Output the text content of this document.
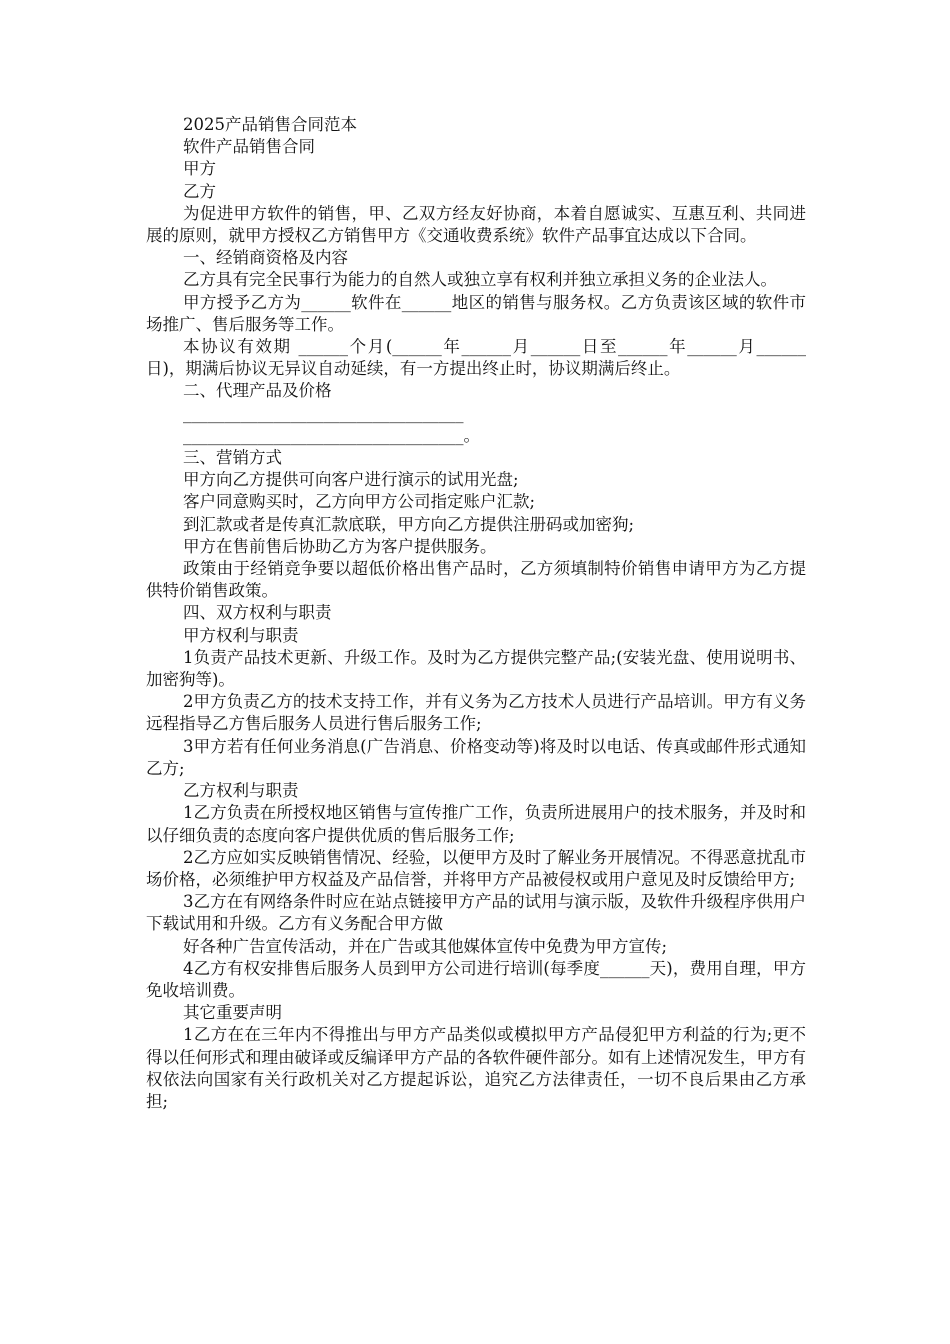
2025产品销售合同范本

软件产品销售合同

甲方

乙方

为促进甲方软件的销售，甲、乙双方经友好协商，本着自愿诚实、互惠互利、共同进展的原则，就甲方授权乙方销售甲方《交通收费系统》软件产品事宜达成以下合同。

一、经销商资格及内容

乙方具有完全民事行为能力的自然人或独立享有权利并独立承担义务的企业法人。

甲方授予乙方为______软件在______地区的销售与服务权。乙方负责该区域的软件市场推广、售后服务等工作。

本协议有效期 ______个月(______年______月______日至______年______月______日)，期满后协议无异议自动延续，有一方提出终止时，协议期满后终止。

二、代理产品及价格

__________________________________

__________________________________。

三、营销方式

甲方向乙方提供可向客户进行演示的试用光盘;

客户同意购买时，乙方向甲方公司指定账户汇款;

到汇款或者是传真汇款底联，甲方向乙方提供注册码或加密狗;

甲方在售前售后协助乙方为客户提供服务。

政策由于经销竞争要以超低价格出售产品时，乙方须填制特价销售申请甲方为乙方提供特价销售政策。

四、双方权利与职责

甲方权利与职责

1负责产品技术更新、升级工作。及时为乙方提供完整产品;(安装光盘、使用说明书、加密狗等)。

2甲方负责乙方的技术支持工作，并有义务为乙方技术人员进行产品培训。甲方有义务远程指导乙方售后服务人员进行售后服务工作;

3甲方若有任何业务消息(广告消息、价格变动等)将及时以电话、传真或邮件形式通知乙方;

乙方权利与职责

1乙方负责在所授权地区销售与宣传推广工作，负责所进展用户的技术服务，并及时和以仔细负责的态度向客户提供优质的售后服务工作;

2乙方应如实反映销售情况、经验，以便甲方及时了解业务开展情况。不得恶意扰乱市场价格，必须维护甲方权益及产品信誉，并将甲方产品被侵权或用户意见及时反馈给甲方;

3乙方在有网络条件时应在站点链接甲方产品的试用与演示版，及软件升级程序供用户下载试用和升级。乙方有义务配合甲方做

好各种广告宣传活动，并在广告或其他媒体宣传中免费为甲方宣传;

4乙方有权安排售后服务人员到甲方公司进行培训(每季度______天)，费用自理，甲方免收培训费。

其它重要声明

1乙方在在三年内不得推出与甲方产品类似或模拟甲方产品侵犯甲方利益的行为;更不得以任何形式和理由破译或反编译甲方产品的各软件硬件部分。如有上述情况发生，甲方有权依法向国家有关行政机关对乙方提起诉讼，追究乙方法律责任，一切不良后果由乙方承担;
